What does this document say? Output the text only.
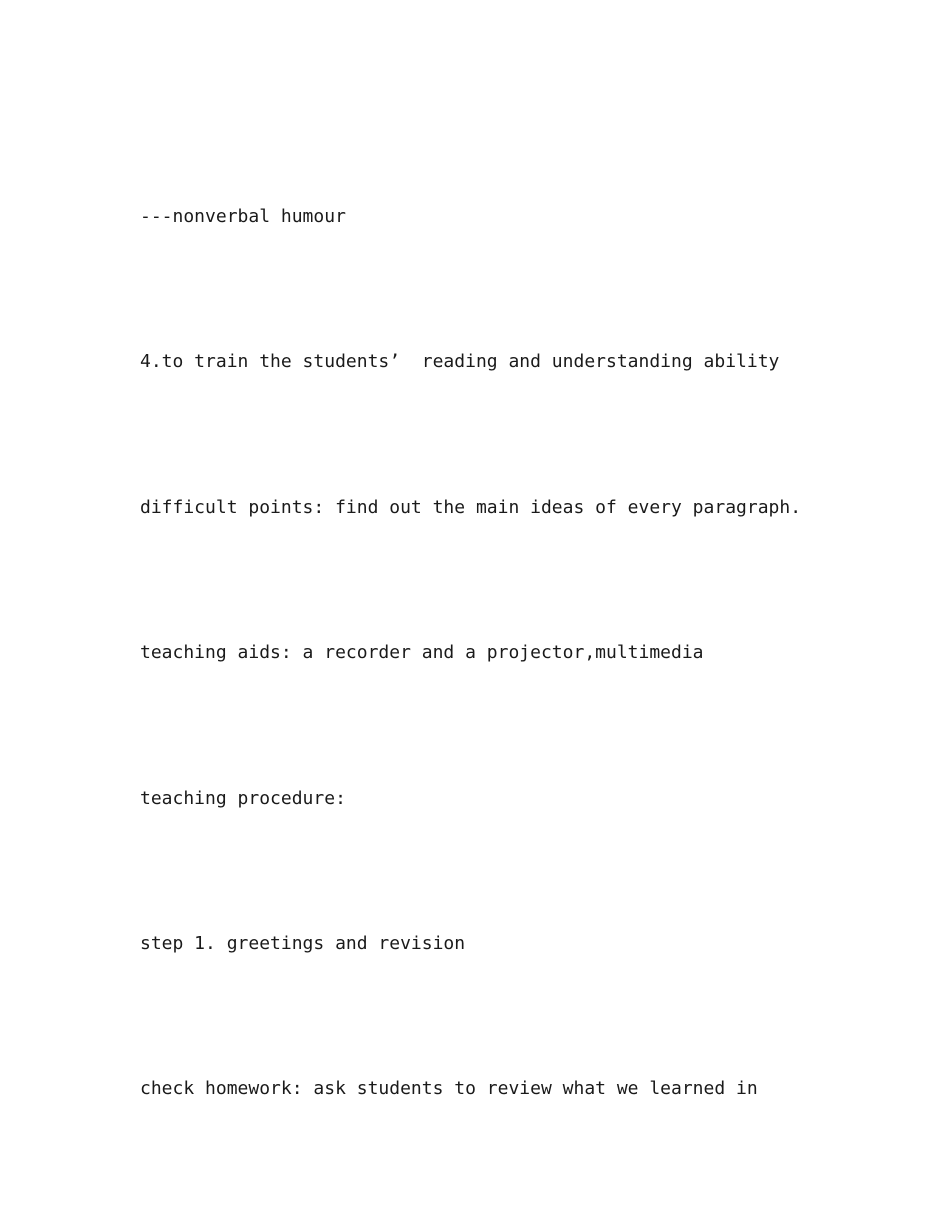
---nonverbal humour

4.to train the students’  reading and understanding ability

difficult points: find out the main ideas of every paragraph.

teaching aids: a recorder and a projector,multimedia

teaching procedure:

step 1. greetings and revision

check homework: ask students to review what we learned in
